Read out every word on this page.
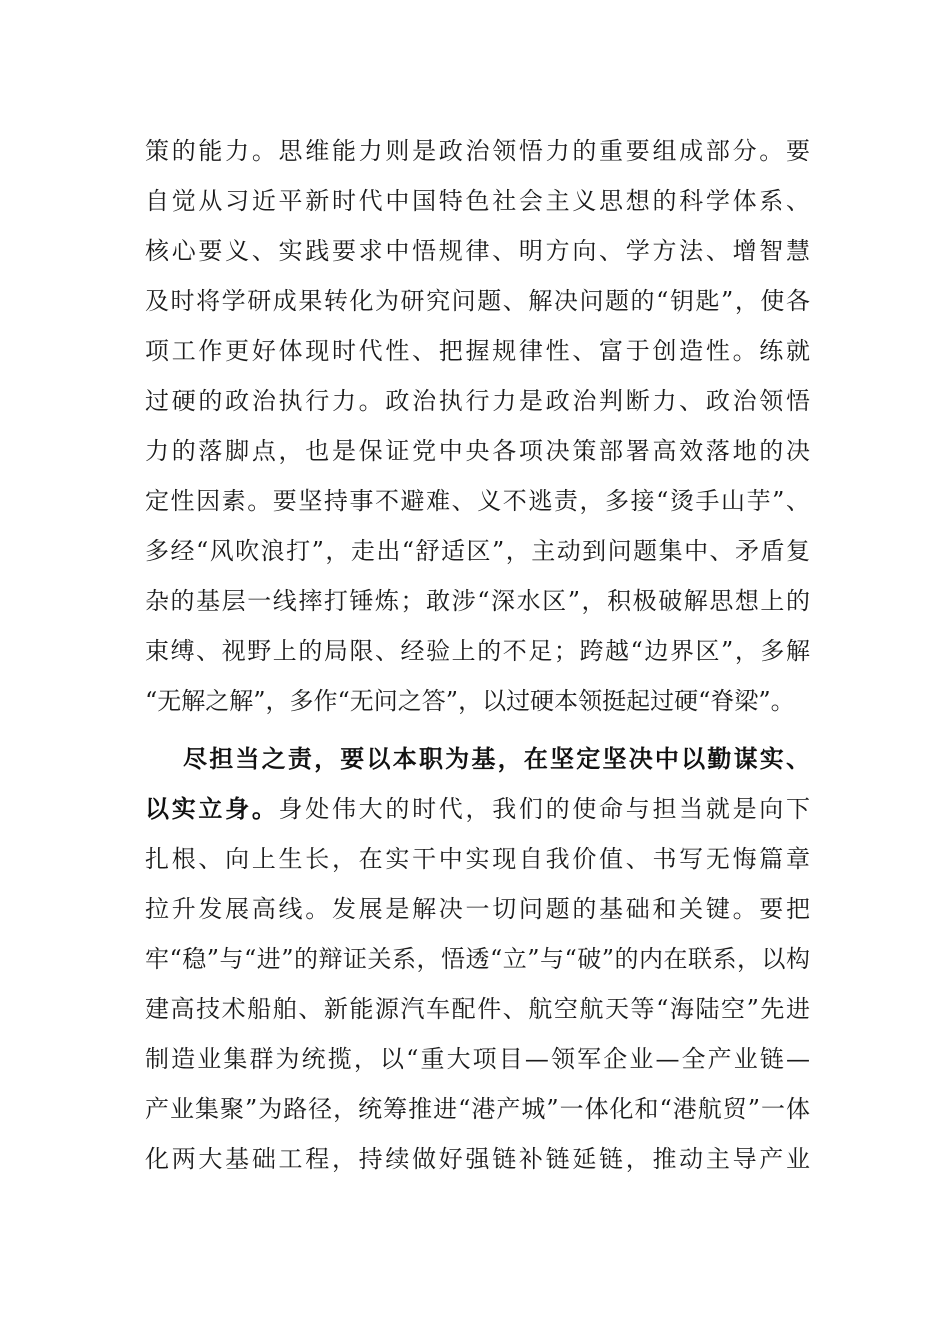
策的能力。思维能力则是政治领悟力的重要组成部分。要
自觉从习近平新时代中国特色社会主义思想的科学体系、
核心要义、实践要求中悟规律、明方向、学方法、增智慧
及时将学研成果转化为研究问题、解决问题的“钥匙”，使各
项工作更好体现时代性、把握规律性、富于创造性。练就
过硬的政治执行力。政治执行力是政治判断力、政治领悟
力的落脚点，也是保证党中央各项决策部署高效落地的决
定性因素。要坚持事不避难、义不逃责，多接“烫手山芋”、
多经“风吹浪打”，走出“舒适区”，主动到问题集中、矛盾复
杂的基层一线摔打锤炼；敢涉“深水区”，积极破解思想上的
束缚、视野上的局限、经验上的不足；跨越“边界区”，多解
“无解之解”，多作“无问之答”，以过硬本领挺起过硬“脊梁”。
尽担当之责，要以本职为基，在坚定坚决中以勤谋实、
以实立身。身处伟大的时代，我们的使命与担当就是向下
扎根、向上生长，在实干中实现自我价值、书写无悔篇章
拉升发展高线。发展是解决一切问题的基础和关键。要把
牢“稳”与“进”的辩证关系，悟透“立”与“破”的内在联系，以构
建高技术船舶、新能源汽车配件、航空航天等“海陆空”先进
制造业集群为统揽，以“重大项目—领军企业—全产业链—
产业集聚”为路径，统筹推进“港产城”一体化和“港航贸”一体
化两大基础工程，持续做好强链补链延链，推动主导产业
